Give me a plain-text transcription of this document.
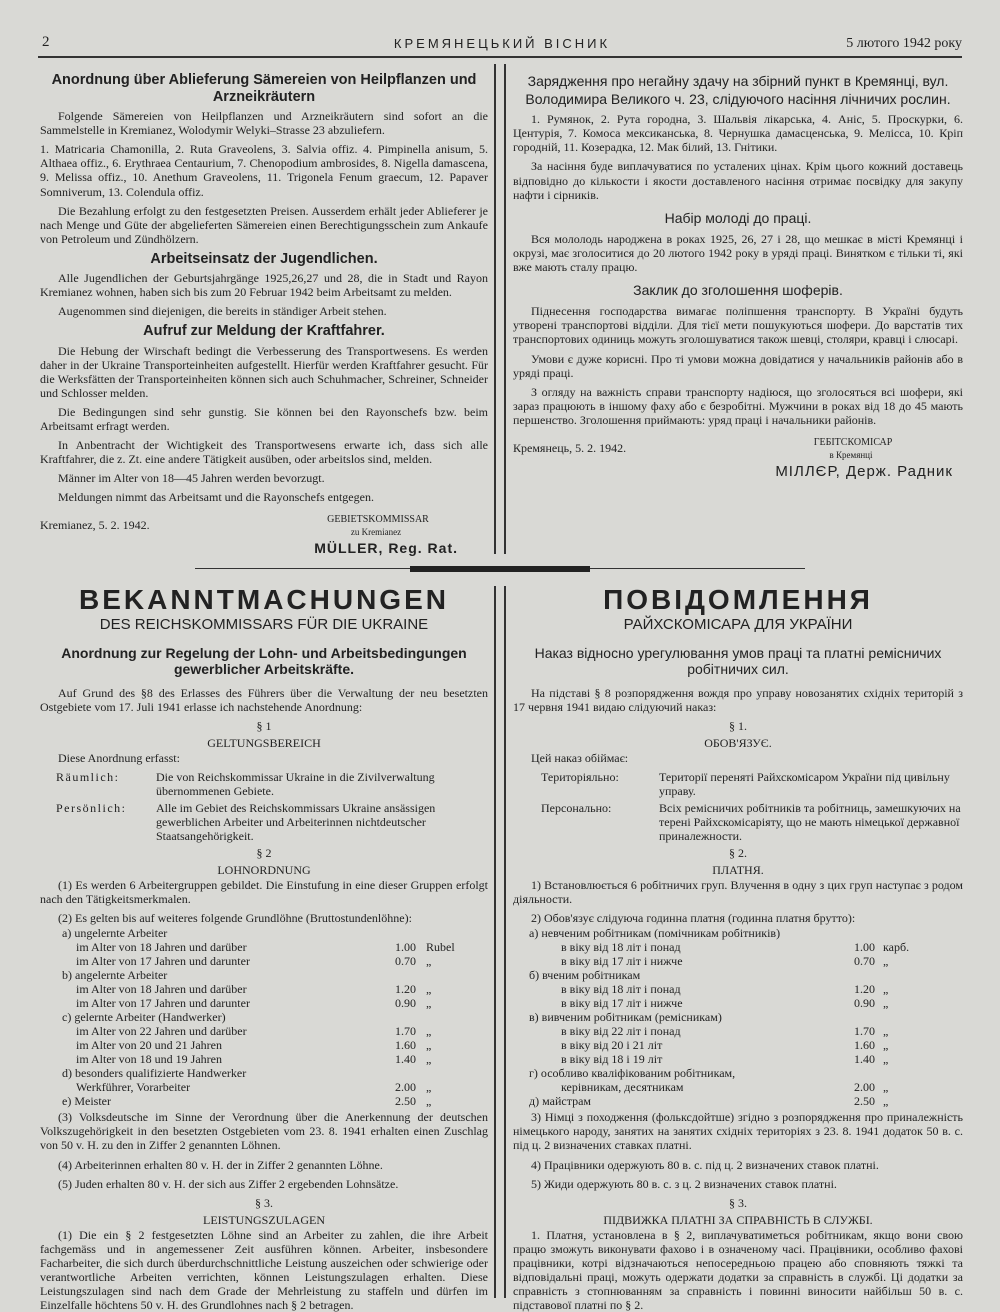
2	КРЕМЯНЕЦЬКИЙ ВІСНИК	5 лютого 1942 року
Anordnung über Ablieferung Sämereien von Heilpflanzen und Arzneikräutern

Folgende Sämereien von Heilpflanzen und Arzneikräutern sind sofort an die Sammelstelle in Kremianez, Wolodymir Welyki–Strasse 23 abzuliefern.

1. Matricaria Chamonilla, 2. Ruta Graveolens, 3. Salvia offiz. 4. Pimpinella anisum, 5. Althaea offiz., 6. Erythraea Centaurium, 7. Chenopodium ambrosides, 8. Nigella damascena, 9. Melissa offiz., 10. Anethum Graveolens, 11. Trigonela Fenum graecum, 12. Papaver Somniverum, 13. Colendula offiz.

Die Bezahlung erfolgt zu den festgesetzten Preisen. Ausserdem erhält jeder Ablieferer je nach Menge und Güte der abgelieferten Sämereien einen Berechtigungsschein zum Ankaufe von Petroleum und Zündhölzern.

Arbeitseinsatz der Jugendlichen.

Alle Jugendlichen der Geburtsjahrgänge 1925,26,27 und 28, die in Stadt und Rayon Kremianez wohnen, haben sich bis zum 20 Februar 1942 beim Arbeitsamt zu melden.

Augenommen sind diejenigen, die bereits in ständiger Arbeit stehen.

Aufruf zur Meldung der Kraftfahrer.

Die Hebung der Wirschaft bedingt die Verbesserung des Transportwesens. Es werden daher in der Ukraine Transporteinheiten aufgestellt. Hierfür werden Kraftfahrer gesucht. Für die Werksfätten der Transporteinheiten können sich auch Schuhmacher, Schreiner, Schneider und Schlosser melden.

Die Bedingungen sind sehr gunstig. Sie können bei den Rayonschefs bzw. beim Arbeitsamt erfragt werden.

In Anbentracht der Wichtigkeit des Transportwesens erwarte ich, dass sich alle Kraftfahrer, die z. Zt. eine andere Tätigkeit ausüben, oder arbeitslos sind, melden.

Männer im Alter von 18—45 Jahren werden bevorzugt.

Meldungen nimmt das Arbeitsamt und die Rayonschefs entgegen.

Kremianez, 5. 2. 1942.	GEBIETSKOMMISSAR
zu Kremianez
MÜLLER, Reg. Rat.
Зарядження про негайну здачу на збірний пункт в Кремянці, вул. Володимира Великого ч. 23, слідуючого насіння лічничих рослин.

1. Румянок, 2. Рута городна, 3. Шальвія лікарська, 4. Аніс, 5. Проскурки, 6. Центурія, 7. Комоса мексиканська, 8. Чернушка дамасценська, 9. Мелісса, 10. Кріп городній, 11. Козерадка, 12. Мак білий, 13. Гнітики.

За насіння буде виплачуватися по усталених цінах. Крім цього кожний доставець відповідно до кількости і якости доставленого насіння отримає посвідку для закупу нафти і сірників.

Набір молоді до праці.

Вся мололодь народжена в роках 1925, 26, 27 і 28, що мешкає в місті Кремянці і окрузі, має зголоситися до 20 лютого 1942 року в уряді праці. Винятком є тільки ті, які вже мають сталу працю.

Заклик до зголошення шоферів.

Піднесення господарства вимагає поліпшення транспорту. В Україні будуть утворені транспортові відділи. Для тієї мети пошукуються шофери. До варстатів тих транспортових одиниць можуть зголошуватися також шевці, столяри, кравці і слюсарі.

Умови є дуже корисні. Про ті умови можна довідатися у начальників районів або в уряді праці.

З огляду на важність справи транспорту надіюся, що зголосяться всі шофери, які зараз працюють в іншому фаху або є безробітні. Мужчини в роках від 18 до 45 мають першенство. Зголошення приймають: уряд праці і начальники районів.

Кремянець, 5. 2. 1942.	ГЕБІТСКОМІСАР
в Кремянці
МІЛЛЄР, Держ. Радник
BEKANNTMACHUNGEN
DES REICHSKOMMISSARS FÜR DIE UKRAINE
Anordnung zur Regelung der Lohn- und Arbeitsbedingungen gewerblicher Arbeitskräfte.

Auf Grund des §8 des Erlasses des Führers über die Verwaltung der neu besetzten Ostgebiete vom 17. Juli 1941 erlasse ich nachstehende Anordnung:

§ 1
GELTUNGSBEREICH

Diese Anordnung erfasst:

Räumlich:	Die von Reichskommissar Ukraine in die Zivilverwaltung übernommenen Gebiete.
Persönlich:	Alle im Gebiet des Reichskommissars Ukraine ansässigen gewerblichen Arbeiter und Arbeiterinnen nichtdeutscher Staatsangehörigkeit.
§ 2
LOHNORDNUNG

(1) Es werden 6 Arbeitergruppen gebildet. Die Einstufung in eine dieser Gruppen erfolgt nach den Tätigkeitsmerkmalen.

(2) Es gelten bis auf weiteres folgende Grundlöhne (Bruttostundenlöhne):

a) ungelernte Arbeiter
im Alter von 18 Jahren und darüber	1.00 Rubel
im Alter von 17 Jahren und darunter	0.70 „
b) angelernte Arbeiter
im Alter von 18 Jahren und darüber	1.20 „
im Alter von 17 Jahren und darunter	0.90 „
c) gelernte Arbeiter (Handwerker)
im Alter von 22 Jahren und darüber	1.70 „
im Alter von 20 und 21 Jahren	1.60 „
im Alter von 18 und 19 Jahren	1.40 „
d) besonders qualifizierte Handwerker
Werkführer, Vorarbeiter	2.00 „
e) Meister	2.50 „

(3) Volksdeutsche im Sinne der Verordnung über die Anerkennung der deutschen Volkszugehörigkeit in den besetzten Ostgebieten vom 23. 8. 1941 erhalten einen Zuschlag von 50 v. H. zu den in Ziffer 2 genannten Löhnen.

(4) Arbeiterinnen erhalten 80 v. H. der in Ziffer 2 genannten Löhne.

(5) Juden erhalten 80 v. H. der sich aus Ziffer 2 ergebenden Lohnsätze.

§ 3.
LEISTUNGSZULAGEN

(1) Die ein § 2 festgesetzten Löhne sind an Arbeiter zu zahlen, die ihre Arbeit fachgemäss und in angemessener Zeit ausführen können. Arbeiter, insbesondere Facharbeiter, die sich durch überdurchschnittliche Leistung auszeichen oder schwierige oder verantwortliche Arbeiten verrichten, können Leistungszulagen erhalten. Diese Leistungszulagen sind nach dem Grade der Mehrleistung zu staffeln und dürfen im Einzelfalle höchtens 50 v. H. des Grundlohnes nach § 2 betragen.

ПОВІДОМЛЕННЯ
РАЙХСКОМІСАРА ДЛЯ УКРАЇНИ
Наказ відносно урегулювання умов праці та платні ремісничих робітничих сил.

На підставі § 8 розпорядження вождя про управу новозанятих східніх територій з 17 червня 1941 видаю слідуючий наказ:

§ 1.
ОБОВ'ЯЗУЄ.

Цей наказ обіймає:

Територіяльно:	Території переняті Райхскомісаром України під цивільну управу.
Персонально:	Всіх ремісничих робітників та робітниць, замешкуючих на терені Райхскомісаріяту, що не мають німецької державної приналежности.
§ 2.
ПЛАТНЯ.

1) Встановлюється 6 робітничих груп. Влучення в одну з цих груп наступає з родом діяльности.

2) Обов'язує слідуюча годинна платня (годинна платня брутто):

а) невченим робітникам (помічникам робітників)
в віку від 18 літ і понад	1.00 карб.
в віку від 17 літ і нижче	0.70 „
б) вченим робітникам
в віку від 18 літ і понад	1.20 „
в віку від 17 літ і нижче	0.90 „
в) вивченим робітникам (ремісникам)
в віку від 22 літ і понад	1.70 „
в віку від 20 і 21 літ	1.60 „
в віку від 18 і 19 літ	1.40 „
г) особливо кваліфікованим робітникам,
керівникам, десятникам	2.00 „
д) майстрам	2.50 „

3) Німці з походження (фольксдойтше) згідно з розпорядження про приналежність німецького народу, занятих на занятих східніх територіях з 23. 8. 1941 додаток 50 в. с. під ц. 2 визначених ставках платні.

4) Працівники одержують 80 в. с. під ц. 2 визначених ставок платні.

5) Жиди одержують 80 в. с. з ц. 2 визначених ставок платні.

§ 3.
ПІДВИЖКА ПЛАТНІ ЗА СПРАВНІСТЬ В СЛУЖБІ.

1. Платня, установлена в § 2, виплачуватиметься робітникам, якщо вони свою працю зможуть виконувати фахово і в означеному часі. Працівники, особливо фахові працівники, котрі відзначаються непосередньою працею або сповняють тяжкі та відповідальні праці, можуть одержати додатки за справність в службі. Ці додатки за справність з стопнюванням за справність і повинні виносити найбільш 50 в. с. підставової платні по § 2.
